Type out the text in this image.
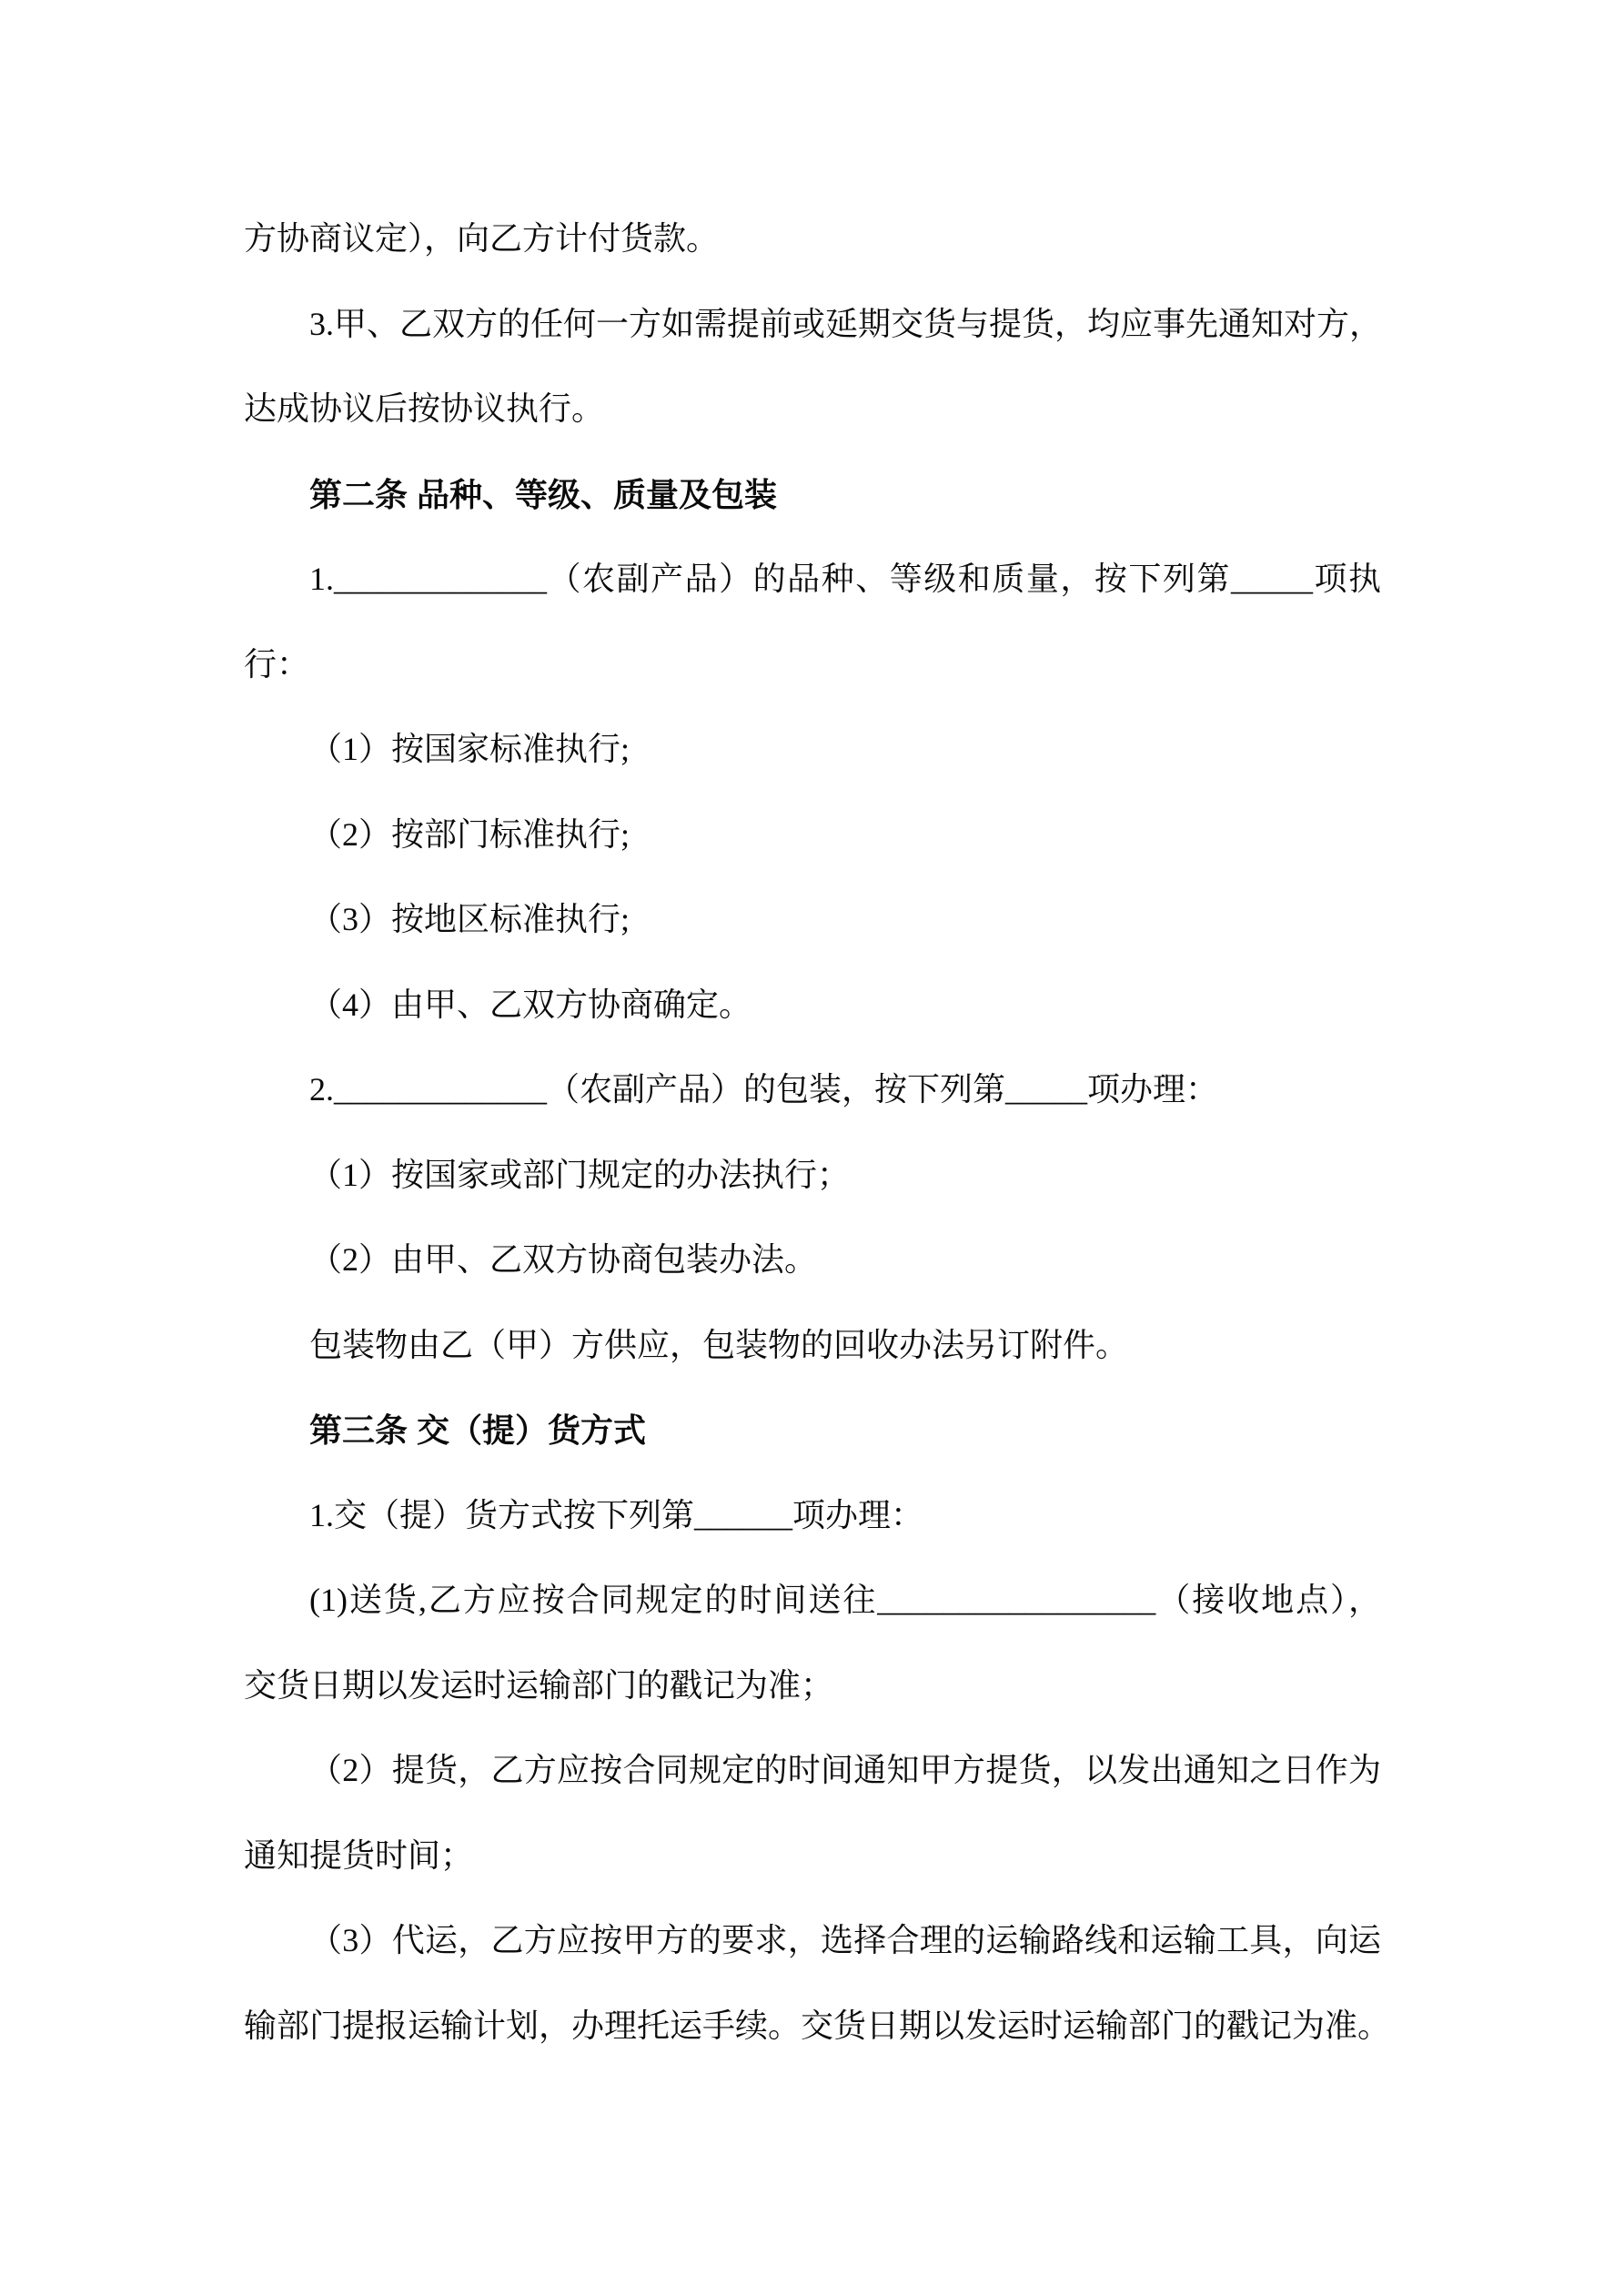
方协商议定），向乙方计付货款。
3.甲、乙双方的任何一方如需提前或延期交货与提货，均应事先通知对方，
达成协议后按协议执行。
第二条 品种、等级、质量及包装
1._____________（农副产品）的品种、等级和质量，按下列第_____项执
行：
（1）按国家标准执行;
（2）按部门标准执行;
（3）按地区标准执行;
（4）由甲、乙双方协商确定。
2._____________（农副产品）的包装，按下列第_____项办理：
（1）按国家或部门规定的办法执行；
（2）由甲、乙双方协商包装办法。
包装物由乙（甲）方供应，包装物的回收办法另订附件。
第三条 交（提）货方式
1.交（提）货方式按下列第______项办理：
(1)送货,乙方应按合同规定的时间送往_________________（接收地点），
交货日期以发运时运输部门的戳记为准；
（2）提货，乙方应按合同规定的时间通知甲方提货，以发出通知之日作为
通知提货时间；
（3）代运，乙方应按甲方的要求，选择合理的运输路线和运输工具，向运
输部门提报运输计划，办理托运手续。交货日期以发运时运输部门的戳记为准。
